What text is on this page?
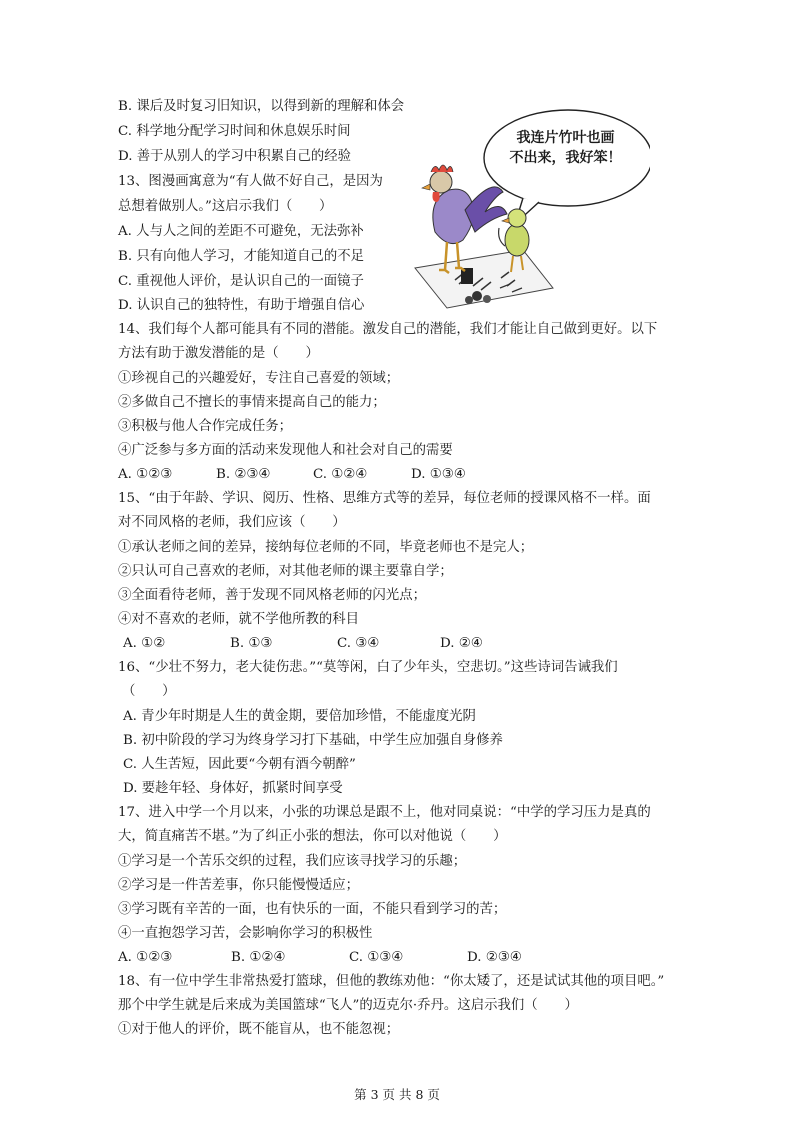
B. 课后及时复习旧知识，以得到新的理解和体会
C. 科学地分配学习时间和休息娱乐时间
D. 善于从别人的学习中积累自己的经验
13、图漫画寓意为“有人做不好自己，是因为
总想着做别人。”这启示我们（　　）
A. 人与人之间的差距不可避免，无法弥补
B. 只有向他人学习，才能知道自己的不足
C. 重视他人评价，是认识自己的一面镜子
D. 认识自己的独特性，有助于增强自信心
14、我们每个人都可能具有不同的潜能。激发自己的潜能，我们才能让自己做到更好。以下
方法有助于激发潜能的是（　　）
①珍视自己的兴趣爱好，专注自己喜爱的领域；
②多做自己不擅长的事情来提高自己的能力；
③积极与他人合作完成任务；
④广泛参与多方面的活动来发现他人和社会对自己的需要
A. ①②③	B. ②③④	C. ①②④	D. ①③④
15、“由于年龄、学识、阅历、性格、思维方式等的差异，每位老师的授课风格不一样。面
对不同风格的老师，我们应该（　　）
①承认老师之间的差异，接纳每位老师的不同，毕竟老师也不是完人；
②只认可自己喜欢的老师，对其他老师的课主要靠自学；
③全面看待老师，善于发现不同风格老师的闪光点；
④对不喜欢的老师，就不学他所教的科目
A. ①②	B. ①③	C. ③④	D. ②④
16、“少壮不努力，老大徒伤悲。”“莫等闲，白了少年头，空悲切。”这些诗词告诫我们
（　　）
A. 青少年时期是人生的黄金期，要倍加珍惜，不能虚度光阴
B. 初中阶段的学习为终身学习打下基础，中学生应加强自身修养
C. 人生苦短，因此要“今朝有酒今朝醉”
D. 要趁年轻、身体好，抓紧时间享受
17、进入中学一个月以来，小张的功课总是跟不上，他对同桌说：“中学的学习压力是真的
大，简直痛苦不堪。”为了纠正小张的想法，你可以对他说（　　）
①学习是一个苦乐交织的过程，我们应该寻找学习的乐趣；
②学习是一件苦差事，你只能慢慢适应；
③学习既有辛苦的一面，也有快乐的一面，不能只看到学习的苦；
④一直抱怨学习苦，会影响你学习的积极性
A. ①②③	B. ①②④	C. ①③④	D. ②③④
18、有一位中学生非常热爱打篮球，但他的教练劝他：“你太矮了，还是试试其他的项目吧。”
那个中学生就是后来成为美国篮球“飞人”的迈克尔·乔丹。这启示我们（　　）
①对于他人的评价，既不能盲从，也不能忽视；
我连片竹叶也画
不出来，我好笨！
第 3 页 共 8 页
